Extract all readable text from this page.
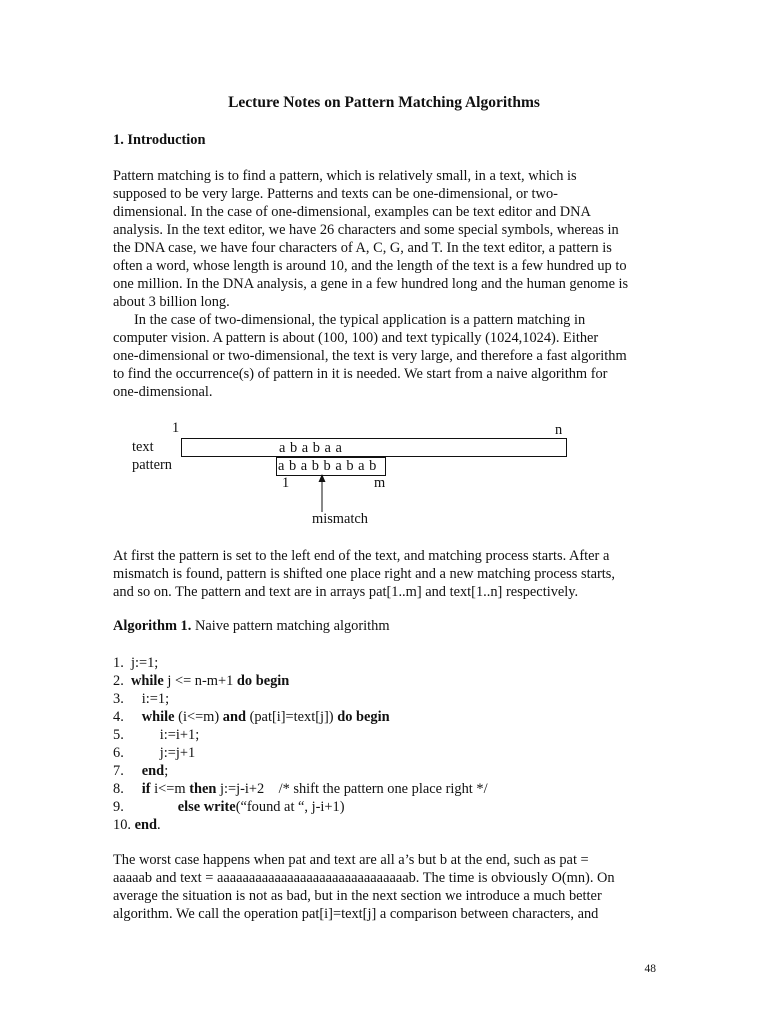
Lecture Notes on Pattern Matching Algorithms
1. Introduction

Pattern matching is to find a pattern, which is relatively small, in a text, which is
supposed to be very large. Patterns and texts can be one-dimensional, or two-
dimensional. In the case of one-dimensional, examples can be text editor and DNA
analysis. In the text editor, we have 26 characters and some special symbols, whereas in
the DNA case, we have four characters of A, C, G, and T. In the text editor, a pattern is
often a word, whose length is around 10, and the length of the text is a few hundred up to
one million. In the DNA analysis, a gene in a few hundred long and the human genome is
about 3 billion long.

In the case of two-dimensional, the typical application is a pattern matching in
computer vision. A pattern is about (100, 100) and text typically (1024,1024). Either
one-dimensional or two-dimensional, the text is very large, and therefore a fast algorithm
to find the occurrence(s) of pattern in it is needed. We start from a naive algorithm for
one-dimensional.

1	n
text
pattern
a b a b a a
a b a b b a b a b
1	m
mismatch

At first the pattern is set to the left end of the text, and matching process starts. After a
mismatch is found, pattern is shifted one place right and a new matching process starts,
and so on. The pattern and text are in arrays pat[1..m] and text[1..n] respectively.

Algorithm 1. Naive pattern matching algorithm
1.  j:=1;
2.  while j <= n-m+1 do begin
3.     i:=1;
4.     while (i<=m) and (pat[i]=text[j]) do begin
5.          i:=i+1;
6.          j:=j+1
7.     end;
8.     if i<=m then j:=j-i+2    /* shift the pattern one place right */
9.               else write(“found at “, j-i+1)
10. end.

The worst case happens when pat and text are all a’s but b at the end, such as pat =
aaaaab and text = aaaaaaaaaaaaaaaaaaaaaaaaaaaaaab. The time is obviously O(mn). On
average the situation is not as bad, but in the next section we introduce a much better
algorithm. We call the operation pat[i]=text[j] a comparison between characters, and

48
